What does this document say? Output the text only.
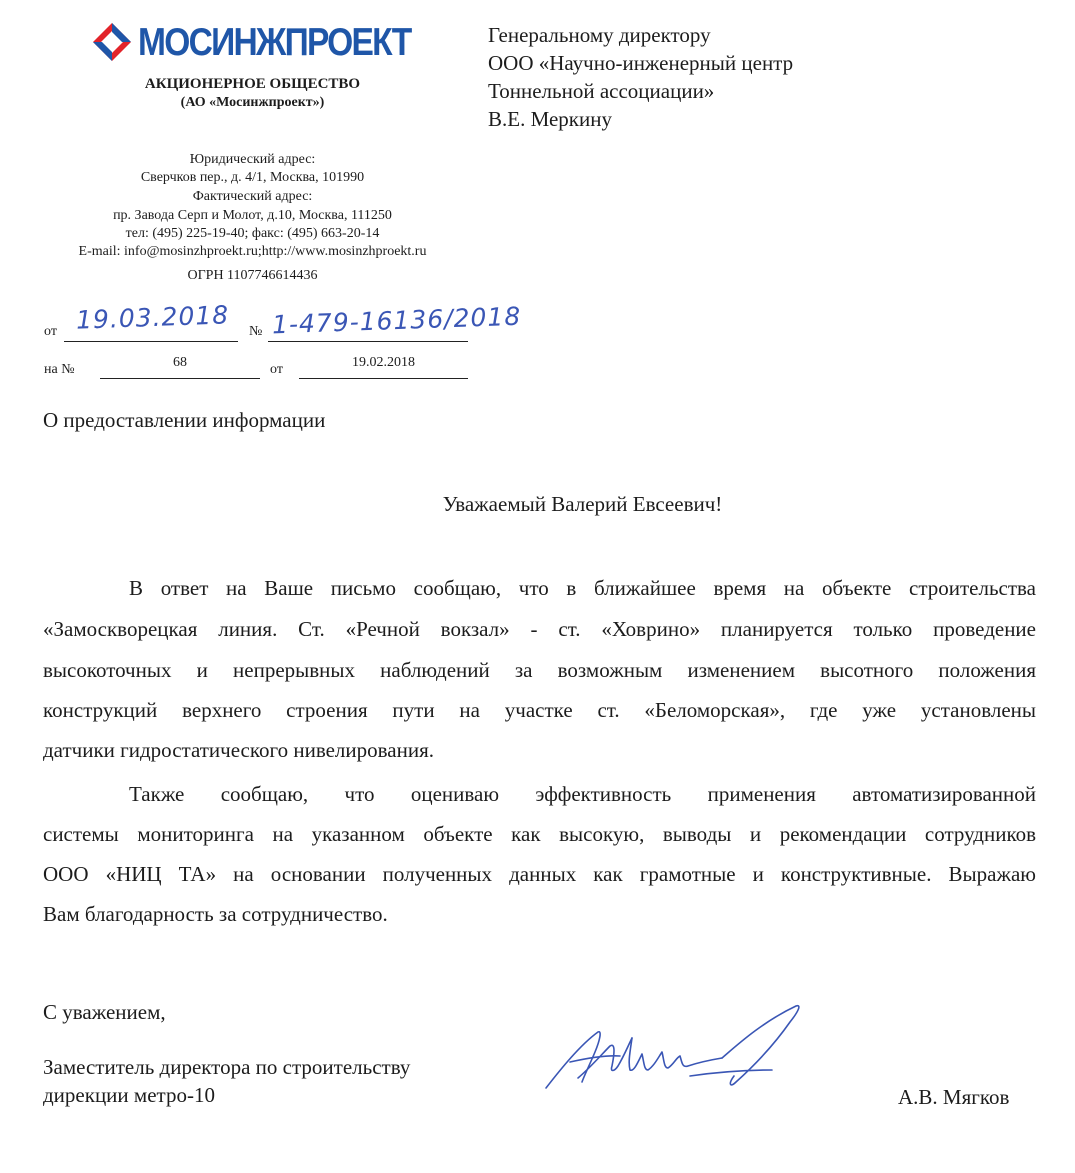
МОСИНЖПРОЕКТ
АКЦИОНЕРНОЕ ОБЩЕСТВО
(АО «Мосинжпроект»)
Юридический адрес:
Сверчков пер., д. 4/1, Москва, 101990
Фактический адрес:
пр. Завода Серп и Молот, д.10, Москва, 111250
тел: (495) 225-19-40; факс: (495) 663-20-14
E-mail: info@mosinzhproekt.ru;http://www.mosinzhproekt.ru
ОГРН 1107746614436
Генеральному директору
ООО «Научно-инженерный центр
Тоннельной ассоциации»
В.Е. Меркину
от 19.03.2018 № 1-479-16136/2018
на №	68	от	19.02.2018
О предоставлении информации
Уважаемый Валерий Евсеевич!
В ответ на Ваше письмо сообщаю, что в ближайшее время на объекте строительства
«Замоскворецкая линия. Ст. «Речной вокзал» - ст. «Ховрино» планируется только проведение
высокоточных и непрерывных наблюдений за возможным изменением высотного положения
конструкций верхнего строения пути на участке ст. «Беломорская», где уже установлены
датчики гидростатического нивелирования.
Также сообщаю, что оцениваю эффективность применения автоматизированной
системы мониторинга на указанном объекте как высокую, выводы и рекомендации сотрудников
ООО «НИЦ ТА» на основании полученных данных как грамотные и конструктивные. Выражаю
Вам благодарность за сотрудничество.
С уважением,
Заместитель директора по строительству
дирекции метро-10	А.В. Мягков
